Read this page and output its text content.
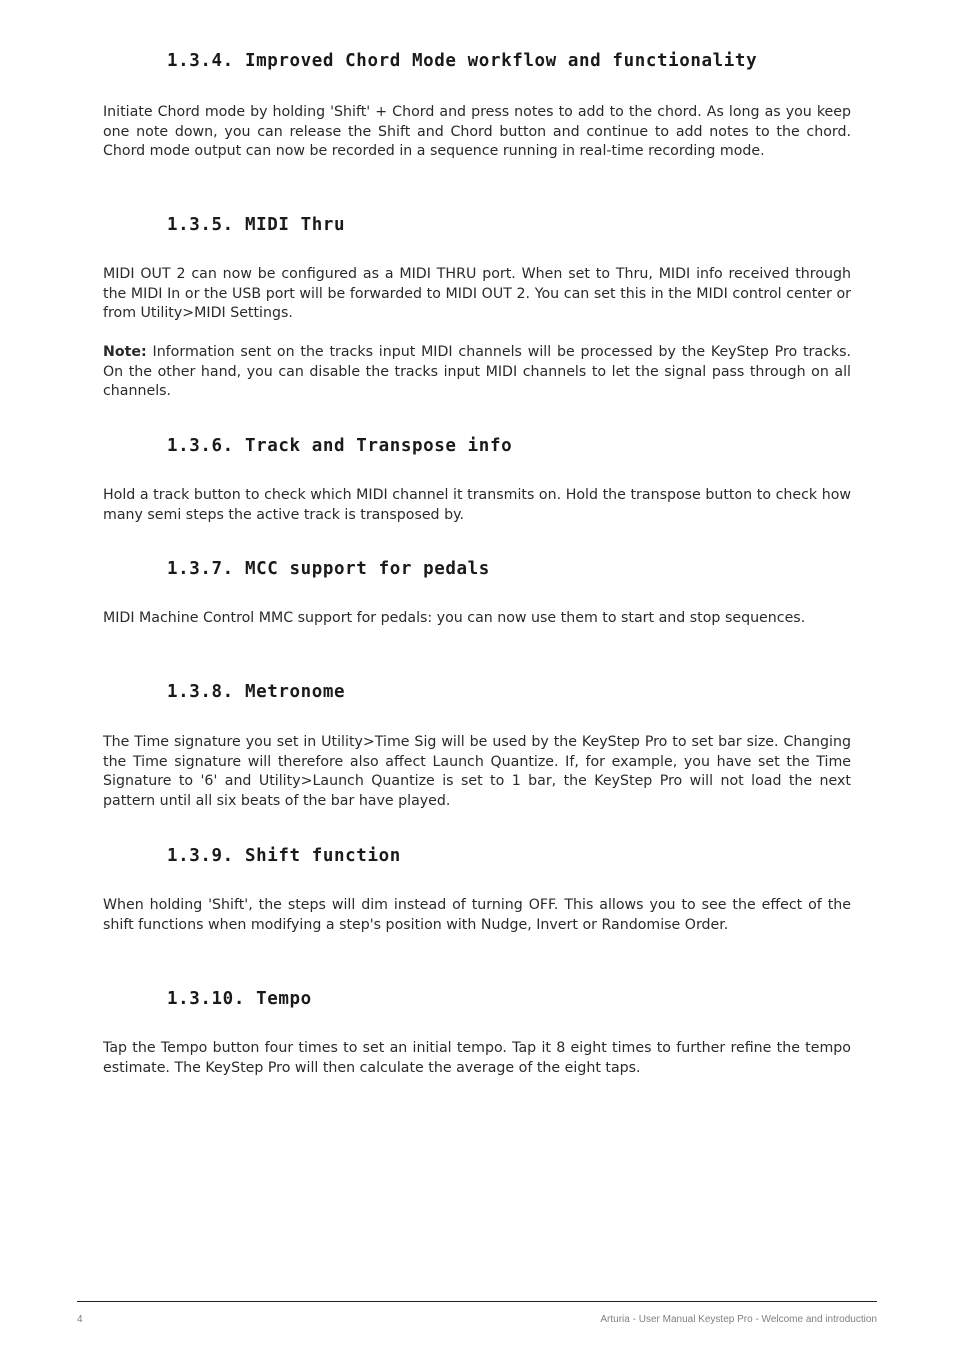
1.3.4. Improved Chord Mode workflow and functionality

Initiate Chord mode by holding 'Shift' + Chord and press notes to add to the chord. As long as you keep one note down, you can release the Shift and Chord button and continue to add notes to the chord. Chord mode output can now be recorded in a sequence running in real-time recording mode.

1.3.5. MIDI Thru

MIDI OUT 2 can now be configured as a MIDI THRU port. When set to Thru, MIDI info received through the MIDI In or the USB port will be forwarded to MIDI OUT 2. You can set this in the MIDI control center or from Utility>MIDI Settings.

Note: Information sent on the tracks input MIDI channels will be processed by the KeyStep Pro tracks. On the other hand, you can disable the tracks input MIDI channels to let the signal pass through on all channels.

1.3.6. Track and Transpose info

Hold a track button to check which MIDI channel it transmits on. Hold the transpose button to check how many semi steps the active track is transposed by.

1.3.7. MCC support for pedals

MIDI Machine Control MMC support for pedals: you can now use them to start and stop sequences.

1.3.8. Metronome

The Time signature you set in Utility>Time Sig will be used by the KeyStep Pro to set bar size. Changing the Time signature will therefore also affect Launch Quantize. If, for example, you have set the Time Signature to '6' and Utility>Launch Quantize is set to 1 bar, the KeyStep Pro will not load the next pattern until all six beats of the bar have played.

1.3.9. Shift function

When holding 'Shift', the steps will dim instead of turning OFF. This allows you to see the effect of the shift functions when modifying a step's position with Nudge, Invert or Randomise Order.

1.3.10. Tempo

Tap the Tempo button four times to set an initial tempo. Tap it 8 eight times to further refine the tempo estimate. The KeyStep Pro will then calculate the average of the eight taps.

4	Arturia - User Manual Keystep Pro - Welcome and introduction
